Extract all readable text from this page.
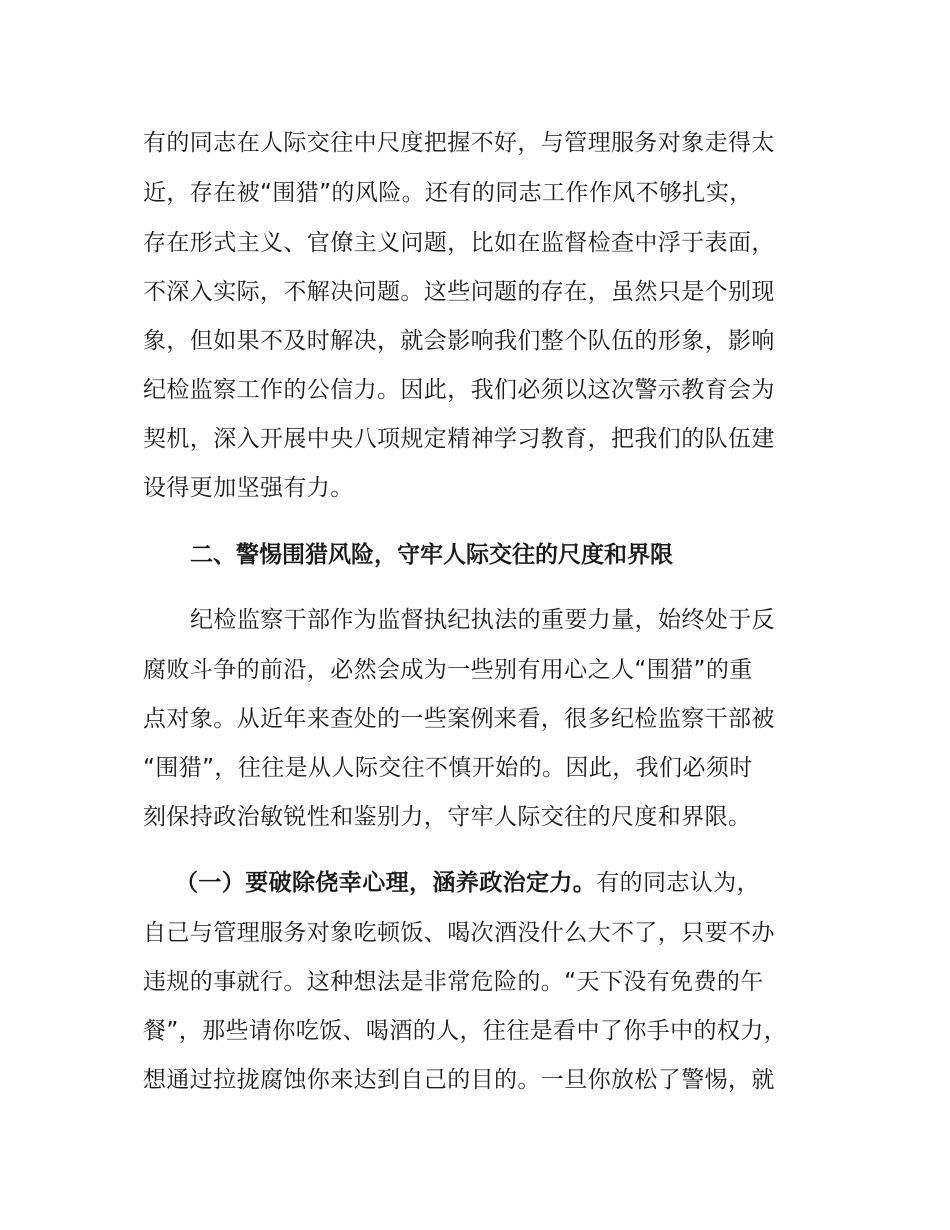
有的同志在人际交往中尺度把握不好，与管理服务对象走得太
近，存在被“围猎”的风险。还有的同志工作作风不够扎实，
存在形式主义、官僚主义问题，比如在监督检查中浮于表面，
不深入实际，不解决问题。这些问题的存在，虽然只是个别现
象，但如果不及时解决，就会影响我们整个队伍的形象，影响
纪检监察工作的公信力。因此，我们必须以这次警示教育会为
契机，深入开展中央八项规定精神学习教育，把我们的队伍建
设得更加坚强有力。
二、警惕围猎风险，守牢人际交往的尺度和界限
纪检监察干部作为监督执纪执法的重要力量，始终处于反
腐败斗争的前沿，必然会成为一些别有用心之人“围猎”的重
点对象。从近年来查处的一些案例来看，很多纪检监察干部被
“围猎”，往往是从人际交往不慎开始的。因此，我们必须时
刻保持政治敏锐性和鉴别力，守牢人际交往的尺度和界限。
（一）要破除侥幸心理，涵养政治定力。有的同志认为，
自己与管理服务对象吃顿饭、喝次酒没什么大不了，只要不办
违规的事就行。这种想法是非常危险的。“天下没有免费的午
餐”，那些请你吃饭、喝酒的人，往往是看中了你手中的权力，
想通过拉拢腐蚀你来达到自己的目的。一旦你放松了警惕，就
